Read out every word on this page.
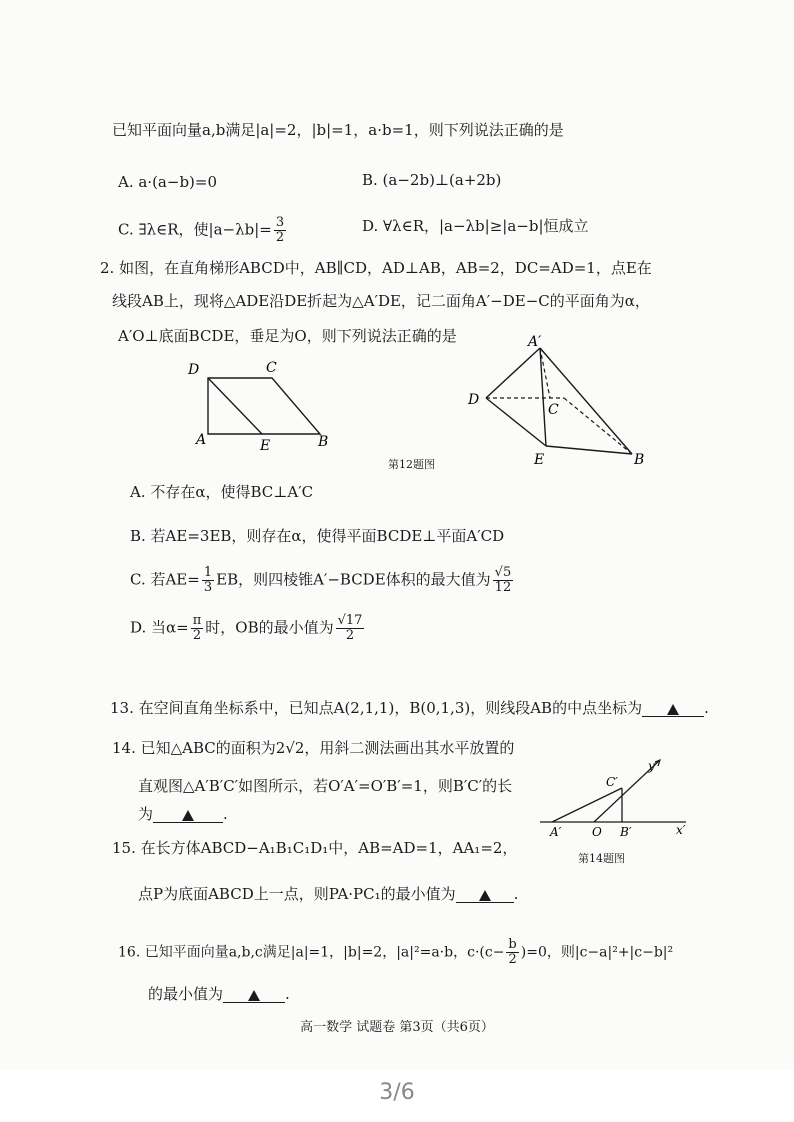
已知平面向量a,b满足|a|=2，|b|=1，a·b=1，则下列说法正确的是
A. a·(a−b)=0	B. (a−2b)⊥(a+2b)
C. ∃λ∈R，使$|a-\lambda b|= \frac{3}{2}$	D. ∀λ∈R，|a−λb|≥|a−b|恒成立
2. 如图，在直角梯形ABCD中，AB∥CD，AD⊥AB，AB=2，DC=AD=1，点E在
线段AB上，现将△ADE沿DE折起为△A′DE，记二面角A′−DE−C的平面角为α，
A′O⊥底面BCDE，垂足为O，则下列说法正确的是
D	C
A	E	B
A′
D
C
E	B
第12题图
A. 不存在α，使得BC⊥A′C
B. 若AE=3EB，则存在α，使得平面BCDE⊥平面A′CD
C. 若$AE= \frac{1}{3}$ EB，则四棱锥A′−BCDE体积的最大值为 $\frac{√5}{12}$
D. 当$\alpha= \frac{\pi}{2}$ 时，OB的最小值为 $\frac{√17}{2}$
13. 在空间直角坐标系中，已知点A(2,1,1)，B(0,1,3)，则线段AB的中点坐标为	.
14. 已知△ABC的面积为2√2，用斜二测法画出其水平放置的
直观图△A′B′C′如图所示，若O′A′=O′B′=1，则B′C′的长
为	.
C′
y′
A′	O B′	x′
第14题图
15. 在长方体ABCD−A₁B₁C₁D₁中，AB=AD=1，AA₁=2，
点P为底面ABCD上一点，则PA·PC₁的最小值为	.
16. 已知平面向量a,b,c满足|a|=1，|b|=2，|a|²=a·b，$c\cdot(c- \frac{b}{2} )=0$，则|c−a|²+|c−b|²
的最小值为	.
高一数学 试题卷 第3页（共6页）
3/6
